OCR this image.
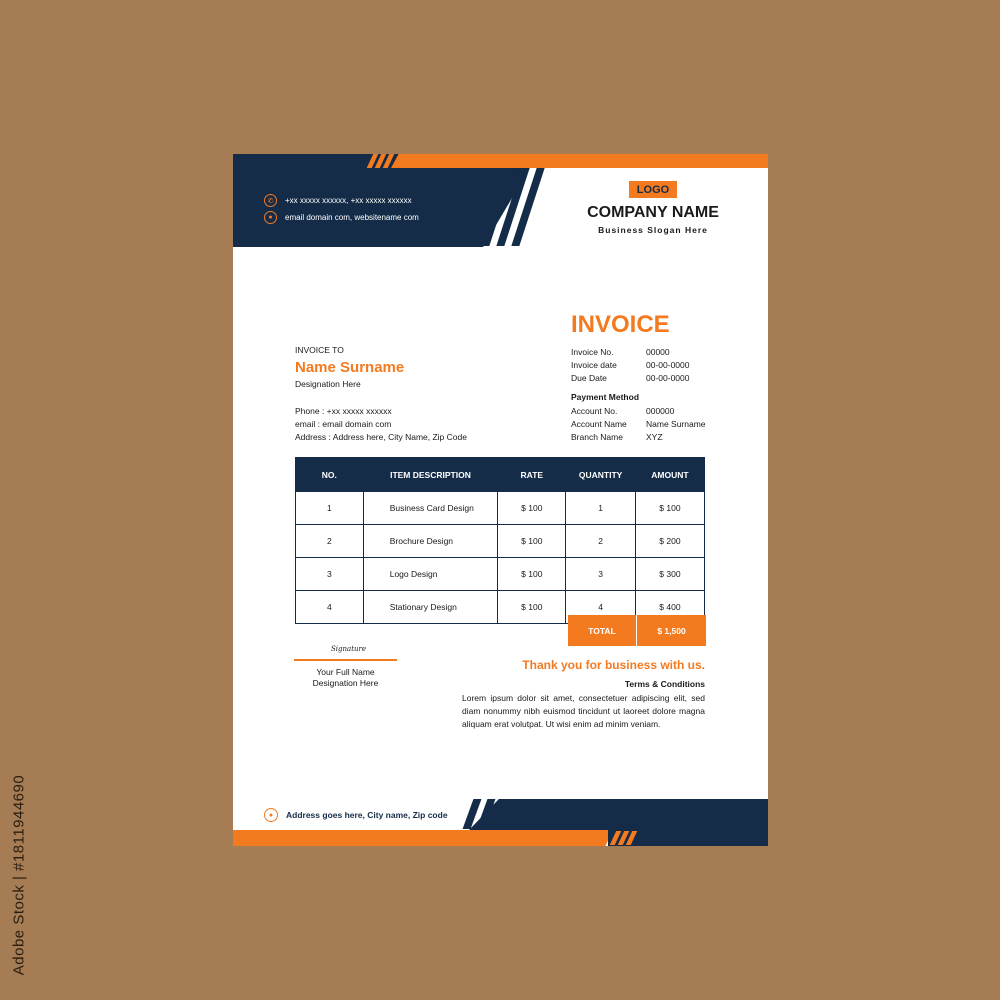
Adobe Stock | #1811944690
✆	+xx xxxxx xxxxxx, +xx xxxxx xxxxxx
●	email domain com, websitename com
LOGO
COMPANY NAME
Business Slogan Here
INVOICE
Invoice No.	00000
Invoice date	00-00-0000
Due Date	00-00-0000
Payment Method
Account No.	000000
Account Name	Name Surname
Branch Name	XYZ
INVOICE TO
Name Surname
Designation Here
Phone : +xx xxxxx xxxxxx
email : email domain com
Address : Address here, City Name, Zip Code
NO.	ITEM DESCRIPTION	RATE	QUANTITY	AMOUNT
1	Business Card Design	$ 100	1	$ 100
2	Brochure Design	$ 100	2	$ 200
3	Logo Design	$ 100	3	$ 300
4	Stationary Design	$ 100	4	$ 400
TOTAL	$ 1,500
Signature
Your Full Name
Designation Here
Thank you for business with us.
Terms & Conditions
Lorem ipsum dolor sit amet, consectetuer adipiscing elit, sed diam nonummy nibh euismod tincidunt ut laoreet dolore magna aliquam erat volutpat. Ut wisi enim ad minim veniam.
●	Address goes here, City name, Zip code
